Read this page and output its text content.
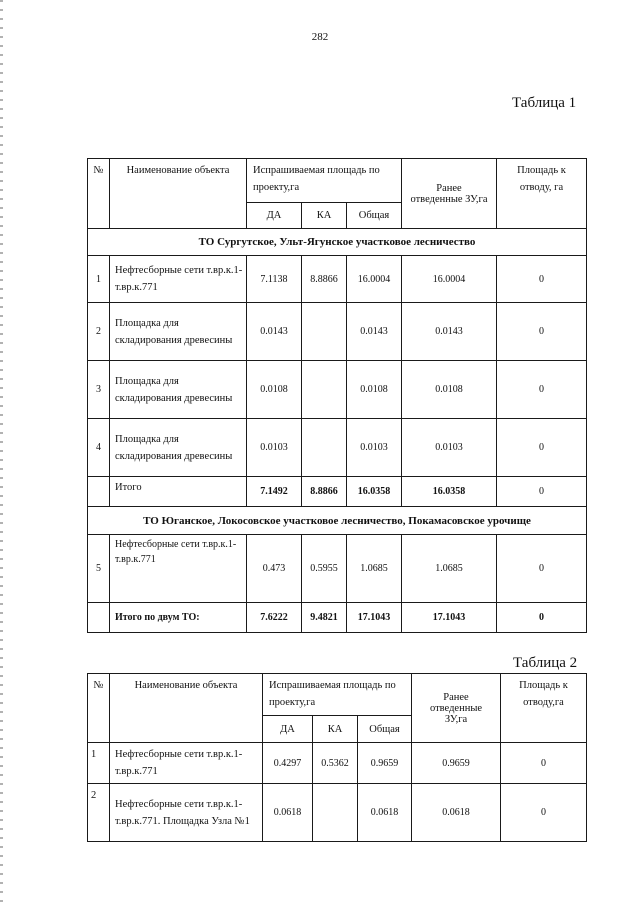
282
Таблица 1
№	Наименование объекта	Испрашиваемая площадь по проекту,га			Ранее отведенные ЗУ,га	Площадь к отводу, га
		ДА	КА	Общая		
ТО Сургутское, Ульт-Ягунское участковое лесничество						
1	Нефтесборные сети т.вр.к.1-т.вр.к.771	7.1138	8.8866	16.0004	16.0004	0
2	Площадка для складирования древесины	0.0143		0.0143	0.0143	0
3	Площадка для складирования древесины	0.0108		0.0108	0.0108	0
4	Площадка для складирования древесины	0.0103		0.0103	0.0103	0
	Итого	7.1492	8.8866	16.0358	16.0358	0
ТО Юганское, Локосовское участковое лесничество, Покамасовское урочище						
5	Нефтесборные сети т.вр.к.1-т.вр.к.771	0.473	0.5955	1.0685	1.0685	0
	Итого по двум ТО:	7.6222	9.4821	17.1043	17.1043	0
Таблица 2
№	Наименование объекта	Испрашиваемая площадь по проекту,га			Ранее отведенные ЗУ,га	Площадь к отводу,га
		ДА	КА	Общая		
1	Нефтесборные сети т.вр.к.1-т.вр.к.771	0.4297	0.5362	0.9659	0.9659	0
2	Нефтесборные сети т.вр.к.1-т.вр.к.771. Площадка Узла №1	0.0618		0.0618	0.0618	0
